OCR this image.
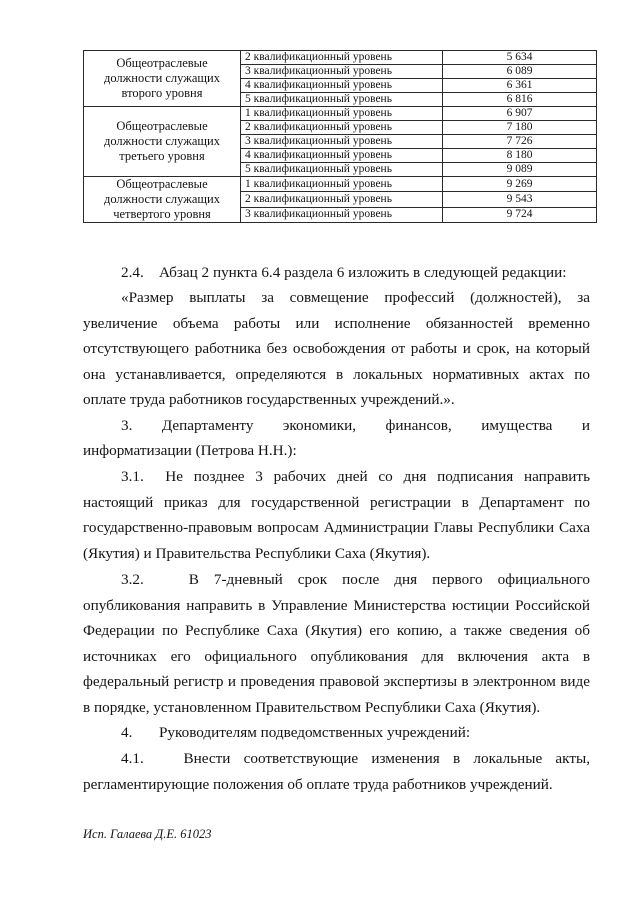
Общеотраслевые должности служащих второго уровня	2 квалификационный уровень	5 634
	3 квалификационный уровень	6 089
	4 квалификационный уровень	6 361
	5 квалификационный уровень	6 816
Общеотраслевые должности служащих третьего уровня	1 квалификационный уровень	6 907
	2 квалификационный уровень	7 180
	3 квалификационный уровень	7 726
	4 квалификационный уровень	8 180
	5 квалификационный уровень	9 089
Общеотраслевые должности служащих четвертого уровня	1 квалификационный уровень	9 269
	2 квалификационный уровень	9 543
	3 квалификационный уровень	9 724
2.4.    Абзац 2 пункта 6.4 раздела 6 изложить в следующей редакции:
«Размер выплаты за совмещение профессий (должностей), за увеличение объема работы или исполнение обязанностей временно отсутствующего работника без освобождения от работы и срок, на который она устанавливается, определяются в локальных нормативных актах по оплате труда работников государственных учреждений.».
3. Департаменту экономики, финансов, имущества и
информатизации (Петрова Н.Н.):
3.1.  Не позднее 3 рабочих дней со дня подписания направить настоящий приказ для государственной регистрации в Департамент по государственно-правовым вопросам Администрации Главы Республики Саха (Якутия) и Правительства Республики Саха (Якутия).
3.2.   В 7-дневный срок после дня первого официального опубликования направить в Управление Министерства юстиции Российской Федерации по Республике Саха (Якутия) его копию, а также сведения об источниках его официального опубликования для включения акта в федеральный регистр и проведения правовой экспертизы в электронном виде в порядке, установленном Правительством Республики Саха (Якутия).
4.       Руководителям подведомственных учреждений:
4.1.   Внести соответствующие изменения в локальные акты, регламентирующие положения об оплате труда работников учреждений.
Исп. Галаева Д.Е. 61023
